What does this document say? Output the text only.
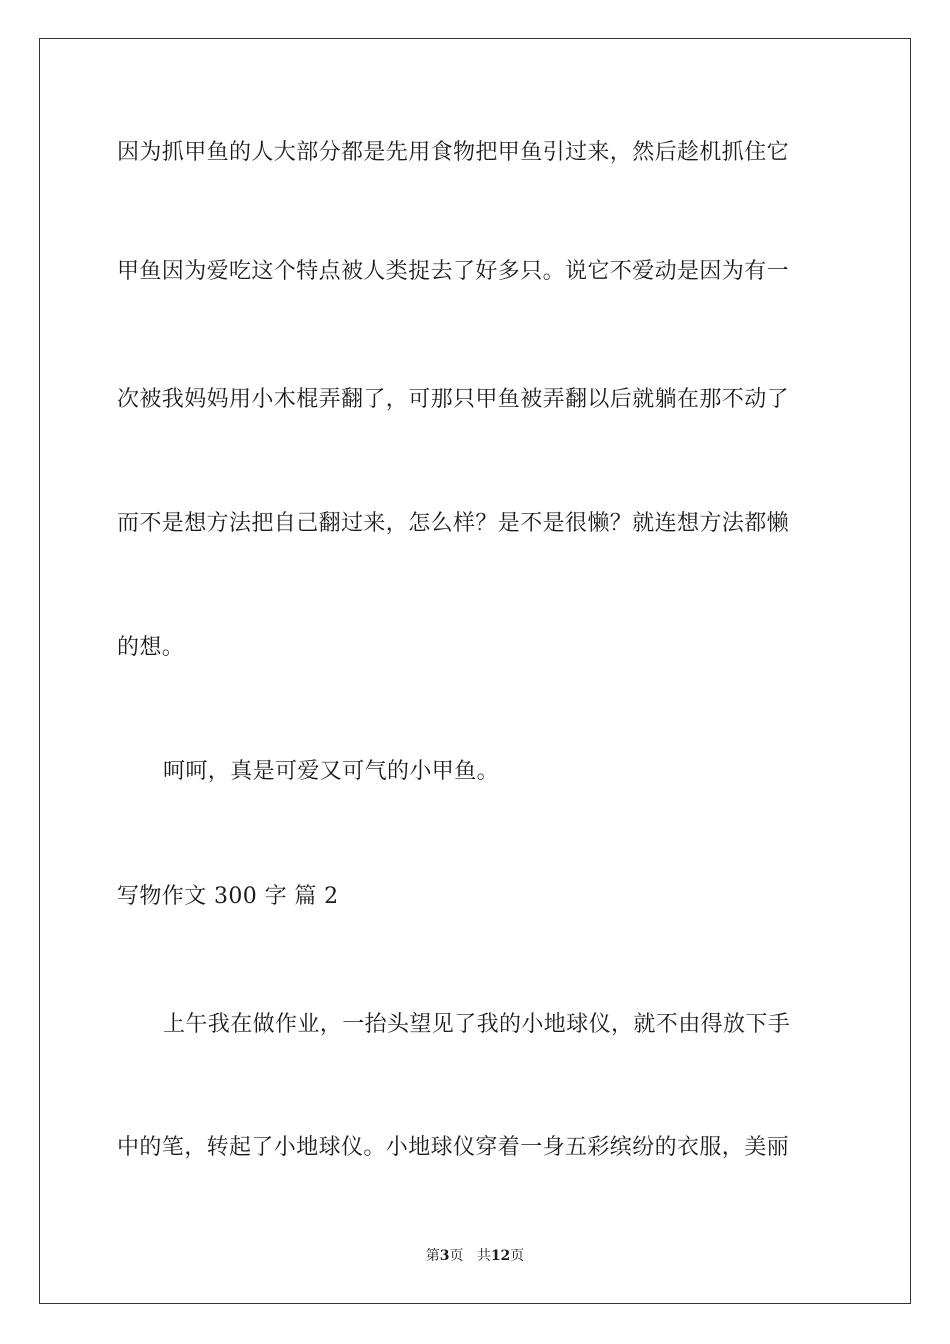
因为抓甲鱼的人大部分都是先用食物把甲鱼引过来，然后趁机抓住它
甲鱼因为爱吃这个特点被人类捉去了好多只。说它不爱动是因为有一
次被我妈妈用小木棍弄翻了，可那只甲鱼被弄翻以后就躺在那不动了
而不是想方法把自己翻过来，怎么样？是不是很懒？就连想方法都懒
的想。
呵呵，真是可爱又可气的小甲鱼。
写物作文 300 字 篇 2
上午我在做作业，一抬头望见了我的小地球仪，就不由得放下手
中的笔，转起了小地球仪。小地球仪穿着一身五彩缤纷的衣服，美丽
第3页 共12页
